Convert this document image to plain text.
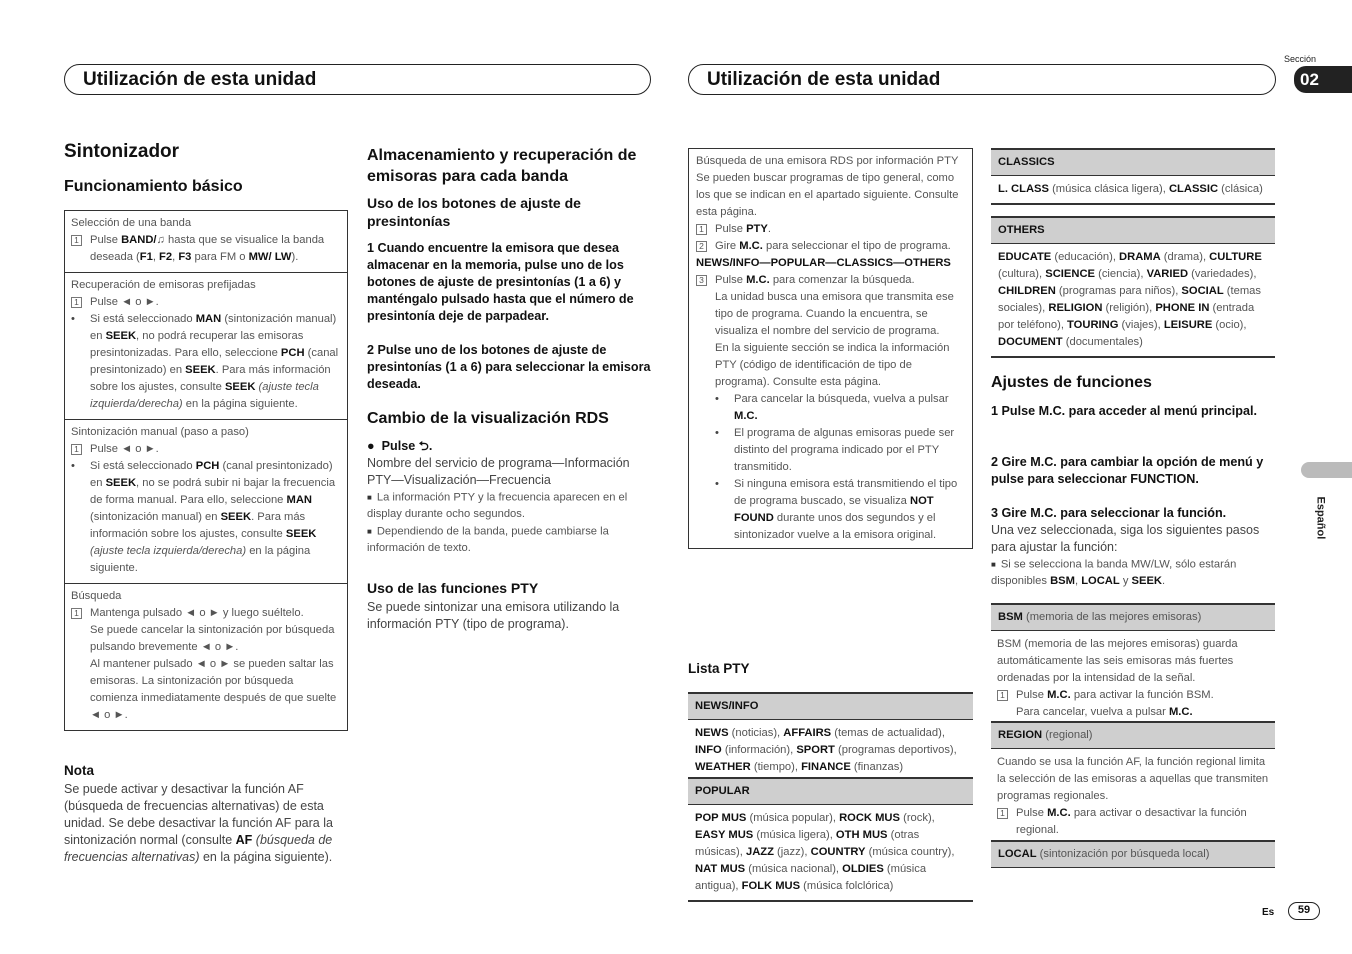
Utilización de esta unidad	Utilización de esta unidad
Sección
02
Español
Es	59
Sintonizador
Funcionamiento básico
Selección de una banda
1 Pulse BAND/♫ hasta que se visualice la banda deseada (F1, F2, F3 para FM o MW/ LW).
Recuperación de emisoras prefijadas
1 Pulse ◄ o ►.
•	Si está seleccionado MAN (sintonización manual) en SEEK, no podrá recuperar las emisoras presintonizadas. Para ello, seleccione PCH (canal presintonizado) en SEEK. Para más información sobre los ajustes, consulte SEEK (ajuste tecla izquierda/derecha) en la página siguiente.
Sintonización manual (paso a paso)
1 Pulse ◄ o ►.
•	Si está seleccionado PCH (canal presintonizado) en SEEK, no se podrá subir ni bajar la frecuencia de forma manual. Para ello, seleccione MAN (sintonización manual) en SEEK. Para más información sobre los ajustes, consulte SEEK (ajuste tecla izquierda/derecha) en la página siguiente.
Búsqueda
1 Mantenga pulsado ◄ o ► y luego suéltelo.
Se puede cancelar la sintonización por búsqueda pulsando brevemente ◄ o ►.
Al mantener pulsado ◄ o ► se pueden saltar las emisoras. La sintonización por búsqueda comienza inmediatamente después de que suelte ◄ o ►.
Nota
Se puede activar y desactivar la función AF (búsqueda de frecuencias alternativas) de esta unidad. Se debe desactivar la función AF para la sintonización normal (consulte AF (búsqueda de frecuencias alternativas) en la página siguiente).
Almacenamiento y recuperación de emisoras para cada banda
Uso de los botones de ajuste de presintonías
1 Cuando encuentre la emisora que desea almacenar en la memoria, pulse uno de los botones de ajuste de presintonías (1 a 6) y manténgalo pulsado hasta que el número de presintonía deje de parpadear.
2 Pulse uno de los botones de ajuste de presintonías (1 a 6) para seleccionar la emisora deseada.
Cambio de la visualización RDS
● Pulse ⮌.
Nombre del servicio de programa—Información PTY—Visualización—Frecuencia
■ La información PTY y la frecuencia aparecen en el display durante ocho segundos.
■ Dependiendo de la banda, puede cambiarse la información de texto.
Uso de las funciones PTY
Se puede sintonizar una emisora utilizando la información PTY (tipo de programa).
Búsqueda de una emisora RDS por información PTY
Se pueden buscar programas de tipo general, como los que se indican en el apartado siguiente. Consulte esta página.
1 Pulse PTY.
2 Gire M.C. para seleccionar el tipo de programa.
NEWS/INFO—POPULAR—CLASSICS—OTHERS
3 Pulse M.C. para comenzar la búsqueda.
La unidad busca una emisora que transmita ese tipo de programa. Cuando la encuentra, se visualiza el nombre del servicio de programa.
En la siguiente sección se indica la información PTY (código de identificación de tipo de programa). Consulte esta página.
•	Para cancelar la búsqueda, vuelva a pulsar M.C.
•	El programa de algunas emisoras puede ser distinto del programa indicado por el PTY transmitido.
•	Si ninguna emisora está transmitiendo el tipo de programa buscado, se visualiza NOT FOUND durante unos dos segundos y el sintonizador vuelve a la emisora original.
Lista PTY
NEWS/INFO
NEWS (noticias), AFFAIRS (temas de actualidad), INFO (información), SPORT (programas deportivos), WEATHER (tiempo), FINANCE (finanzas)
POPULAR
POP MUS (música popular), ROCK MUS (rock), EASY MUS (música ligera), OTH MUS (otras músicas), JAZZ (jazz), COUNTRY (música country), NAT MUS (música nacional), OLDIES (música antigua), FOLK MUS (música folclórica)
CLASSICS
L. CLASS (música clásica ligera), CLASSIC (clásica)
OTHERS
EDUCATE (educación), DRAMA (drama), CULTURE (cultura), SCIENCE (ciencia), VARIED (variedades), CHILDREN (programas para niños), SOCIAL (temas sociales), RELIGION (religión), PHONE IN (entrada por teléfono), TOURING (viajes), LEISURE (ocio), DOCUMENT (documentales)
Ajustes de funciones
1 Pulse M.C. para acceder al menú principal.
2 Gire M.C. para cambiar la opción de menú y pulse para seleccionar FUNCTION.
3 Gire M.C. para seleccionar la función.
Una vez seleccionada, siga los siguientes pasos para ajustar la función:
■ Si se selecciona la banda MW/LW, sólo estarán disponibles BSM, LOCAL y SEEK.
BSM (memoria de las mejores emisoras)
BSM (memoria de las mejores emisoras) guarda automáticamente las seis emisoras más fuertes ordenadas por la intensidad de la señal.
1 Pulse M.C. para activar la función BSM.
Para cancelar, vuelva a pulsar M.C.
REGION (regional)
Cuando se usa la función AF, la función regional limita la selección de las emisoras a aquellas que transmiten programas regionales.
1 Pulse M.C. para activar o desactivar la función regional.
LOCAL (sintonización por búsqueda local)
